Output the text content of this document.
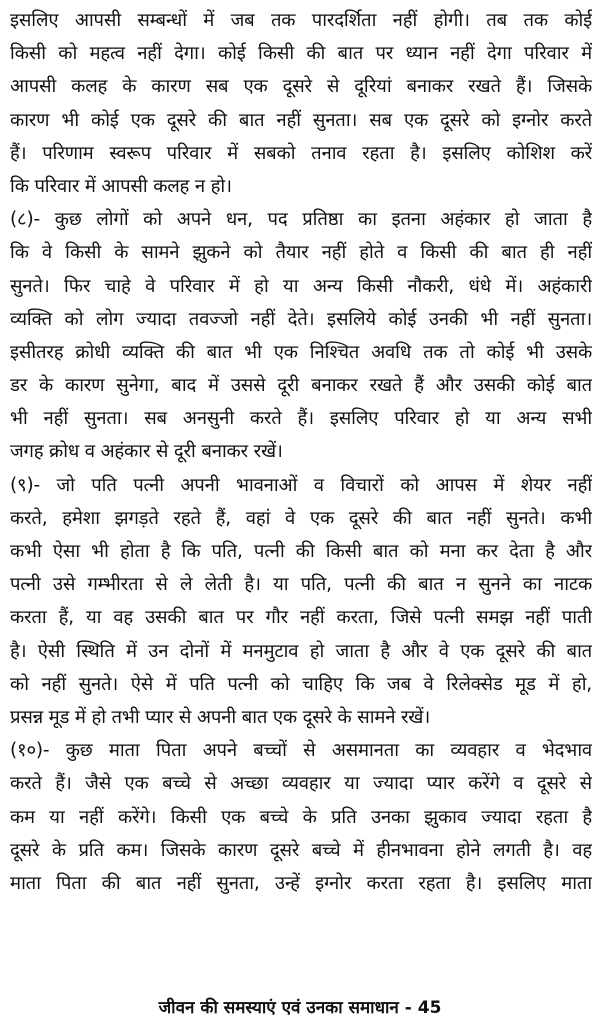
इसलिए आपसी सम्बन्धों में जब तक पारदर्शिता नहीं होगी। तब तक कोई
किसी को महत्व नहीं देगा। कोई किसी की बात पर ध्यान नहीं देगा परिवार में
आपसी कलह के कारण सब एक दूसरे से दूरियां बनाकर रखते हैं। जिसके
कारण भी कोई एक दूसरे की बात नहीं सुनता। सब एक दूसरे को इग्नोर करते
हैं। परिणाम स्वरूप परिवार में सबको तनाव रहता है। इसलिए कोशिश करें
कि परिवार में आपसी कलह न हो।
(८)- कुछ लोगों को अपने धन, पद प्रतिष्ठा का इतना अहंकार हो जाता है
कि वे किसी के सामने झुकने को तैयार नहीं होते व किसी की बात ही नहीं
सुनते। फिर चाहे वे परिवार में हो या अन्य किसी नौकरी, धंधे में। अहंकारी
व्यक्ति को लोग ज्यादा तवज्जो नहीं देते। इसलिये कोई उनकी भी नहीं सुनता।
इसीतरह क्रोधी व्यक्ति की बात भी एक निश्चित अवधि तक तो कोई भी उसके
डर के कारण सुनेगा, बाद में उससे दूरी बनाकर रखते हैं और उसकी कोई बात
भी नहीं सुनता। सब अनसुनी करते हैं। इसलिए परिवार हो या अन्य सभी
जगह क्रोध व अहंकार से दूरी बनाकर रखें।
(९)- जो पति पत्नी अपनी भावनाओं व विचारों को आपस में शेयर नहीं
करते, हमेशा झगड़ते रहते हैं, वहां वे एक दूसरे की बात नहीं सुनते। कभी
कभी ऐसा भी होता है कि पति, पत्नी की किसी बात को मना कर देता है और
पत्नी उसे गम्भीरता से ले लेती है। या पति, पत्नी की बात न सुनने का नाटक
करता हैं, या वह उसकी बात पर गौर नहीं करता, जिसे पत्नी समझ नहीं पाती
है। ऐसी स्थिति में उन दोनों में मनमुटाव हो जाता है और वे एक दूसरे की बात
को नहीं सुनते। ऐसे में पति पत्नी को चाहिए कि जब वे रिलेक्सेड मूड में हो,
प्रसन्न मूड में हो तभी प्यार से अपनी बात एक दूसरे के सामने रखें।
(१०)- कुछ माता पिता अपने बच्चों से असमानता का व्यवहार व भेदभाव
करते हैं। जैसे एक बच्चे से अच्छा व्यवहार या ज्यादा प्यार करेंगे व दूसरे से
कम या नहीं करेंगे। किसी एक बच्चे के प्रति उनका झुकाव ज्यादा रहता है
दूसरे के प्रति कम। जिसके कारण दूसरे बच्चे में हीनभावना होने लगती है। वह
माता पिता की बात नहीं सुनता, उन्हें इग्नोर करता रहता है। इसलिए माता
जीवन की समस्याएं एवं उनका समाधान - 45
